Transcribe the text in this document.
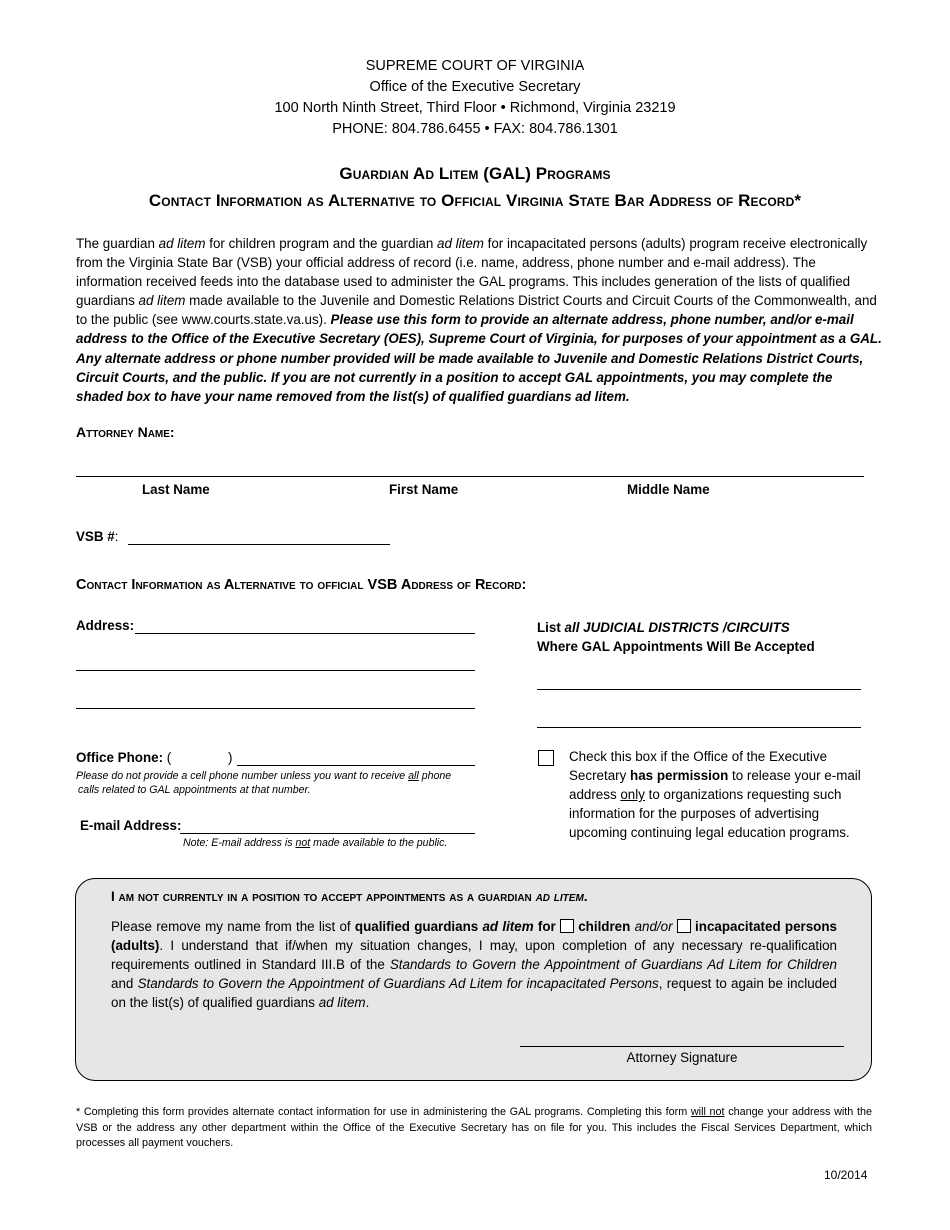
SUPREME COURT OF VIRGINIA
Office of the Executive Secretary
100 North Ninth Street, Third Floor • Richmond, Virginia 23219
PHONE: 804.786.6455 • FAX: 804.786.1301
Guardian Ad Litem (GAL) Programs
Contact Information as Alternative to Official Virginia State Bar Address of Record*
The guardian ad litem for children program and the guardian ad litem for incapacitated persons (adults) program receive electronically from the Virginia State Bar (VSB) your official address of record (i.e. name, address, phone number and e-mail address). The information received feeds into the database used to administer the GAL programs. This includes generation of the lists of qualified guardians ad litem made available to the Juvenile and Domestic Relations District Courts and Circuit Courts of the Commonwealth, and to the public (see www.courts.state.va.us). Please use this form to provide an alternate address, phone number, and/or e-mail address to the Office of the Executive Secretary (OES), Supreme Court of Virginia, for purposes of your appointment as a GAL. Any alternate address or phone number provided will be made available to Juvenile and Domestic Relations District Courts, Circuit Courts, and the public. If you are not currently in a position to accept GAL appointments, you may complete the shaded box to have your name removed from the list(s) of qualified guardians ad litem.
Attorney Name:
Last Name	First Name	Middle Name
VSB #:
Contact Information as Alternative to official VSB Address of Record:
Address:
Office Phone: (	)
Please do not provide a cell phone number unless you want to receive all phone
calls related to GAL appointments at that number.
E-mail Address:
Note: E-mail address is not made available to the public.
List all JUDICIAL DISTRICTS /CIRCUITS
Where GAL Appointments Will Be Accepted
Check this box if the Office of the Executive Secretary has permission to release your e-mail address only to organizations requesting such information for the purposes of advertising upcoming continuing legal education programs.
I am not currently in a position to accept appointments as a guardian ad litem.
Please remove my name from the list of qualified guardians ad litem for  children and/or  incapacitated persons (adults). I understand that if/when my situation changes, I may, upon completion of any necessary re-qualification requirements outlined in Standard III.B of the Standards to Govern the Appointment of Guardians Ad Litem for Children and Standards to Govern the Appointment of Guardians Ad Litem for incapacitated Persons, request to again be included on the list(s) of qualified guardians ad litem.
Attorney Signature
* Completing this form provides alternate contact information for use in administering the GAL programs. Completing this form will not change your address with the VSB or the address any other department within the Office of the Executive Secretary has on file for you. This includes the Fiscal Services Department, which processes all payment vouchers.
10/2014
